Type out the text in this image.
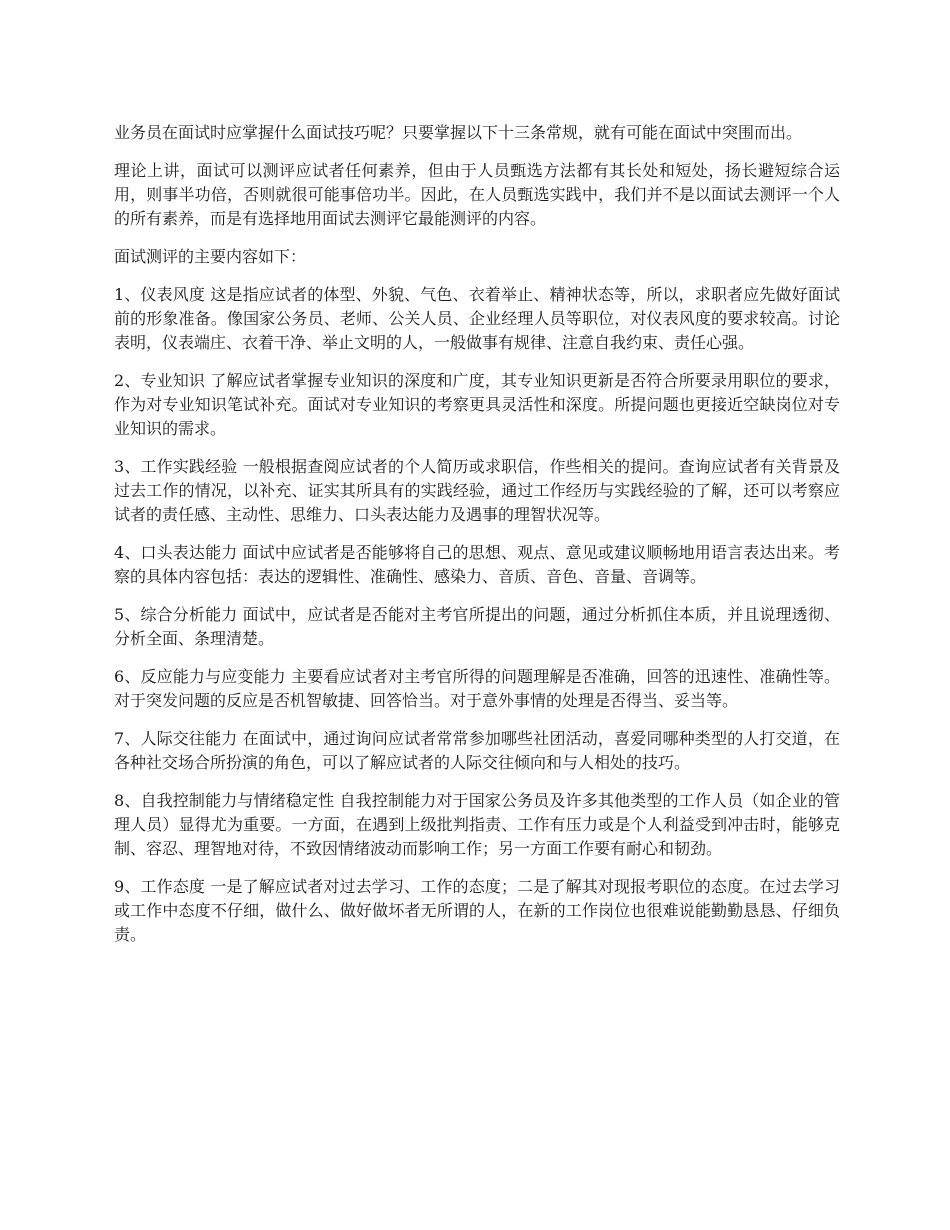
业务员在面试时应掌握什么面试技巧呢？只要掌握以下十三条常规，就有可能在面试中突围而出。

理论上讲，面试可以测评应试者任何素养，但由于人员甄选方法都有其长处和短处，扬长避短综合运用，则事半功倍，否则就很可能事倍功半。因此，在人员甄选实践中，我们并不是以面试去测评一个人的所有素养，而是有选择地用面试去测评它最能测评的内容。

面试测评的主要内容如下：

1、仪表风度 这是指应试者的体型、外貌、气色、衣着举止、精神状态等，所以，求职者应先做好面试前的形象准备。像国家公务员、老师、公关人员、企业经理人员等职位，对仪表风度的要求较高。讨论表明，仪表端庄、衣着干净、举止文明的人，一般做事有规律、注意自我约束、责任心强。

2、专业知识 了解应试者掌握专业知识的深度和广度，其专业知识更新是否符合所要录用职位的要求，作为对专业知识笔试补充。面试对专业知识的考察更具灵活性和深度。所提问题也更接近空缺岗位对专业知识的需求。

3、工作实践经验 一般根据查阅应试者的个人简历或求职信，作些相关的提问。查询应试者有关背景及过去工作的情况，以补充、证实其所具有的实践经验，通过工作经历与实践经验的了解，还可以考察应试者的责任感、主动性、思维力、口头表达能力及遇事的理智状况等。

4、口头表达能力 面试中应试者是否能够将自己的思想、观点、意见或建议顺畅地用语言表达出来。考察的具体内容包括：表达的逻辑性、准确性、感染力、音质、音色、音量、音调等。

5、综合分析能力 面试中，应试者是否能对主考官所提出的问题，通过分析抓住本质，并且说理透彻、分析全面、条理清楚。

6、反应能力与应变能力 主要看应试者对主考官所得的问题理解是否准确，回答的迅速性、准确性等。对于突发问题的反应是否机智敏捷、回答恰当。对于意外事情的处理是否得当、妥当等。

7、人际交往能力 在面试中，通过询问应试者常常参加哪些社团活动，喜爱同哪种类型的人打交道，在各种社交场合所扮演的角色，可以了解应试者的人际交往倾向和与人相处的技巧。

8、自我控制能力与情绪稳定性 自我控制能力对于国家公务员及许多其他类型的工作人员（如企业的管理人员）显得尤为重要。一方面，在遇到上级批判指责、工作有压力或是个人利益受到冲击时，能够克制、容忍、理智地对待，不致因情绪波动而影响工作；另一方面工作要有耐心和韧劲。

9、工作态度 一是了解应试者对过去学习、工作的态度；二是了解其对现报考职位的态度。在过去学习或工作中态度不仔细，做什么、做好做坏者无所谓的人，在新的工作岗位也很难说能勤勤恳恳、仔细负责。
